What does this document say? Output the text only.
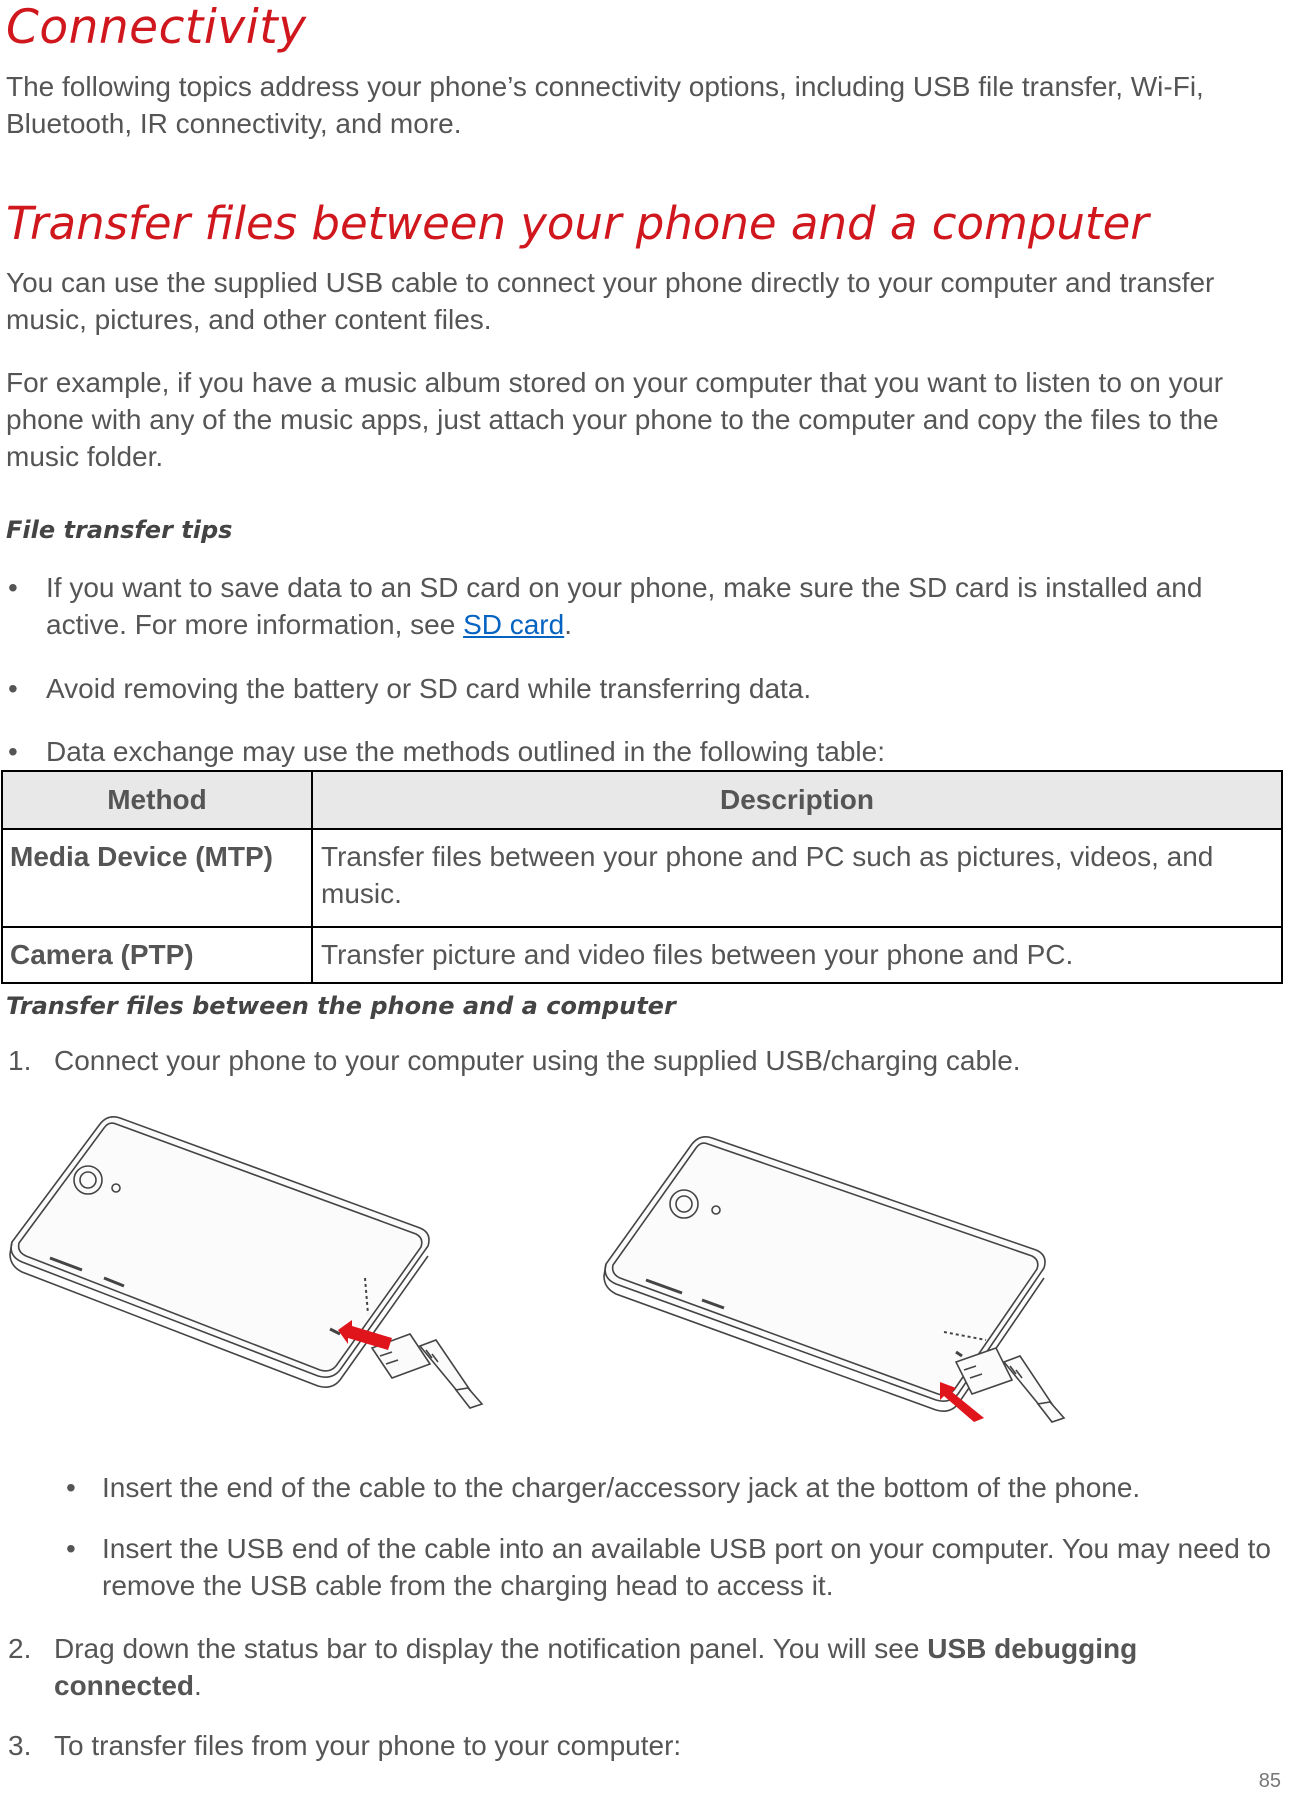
Connectivity

The following topics address your phone’s connectivity options, including USB file transfer, Wi-Fi, Bluetooth, IR connectivity, and more.

Transfer files between your phone and a computer

You can use the supplied USB cable to connect your phone directly to your computer and transfer music, pictures, and other content files.

For example, if you have a music album stored on your computer that you want to listen to on your phone with any of the music apps, just attach your phone to the computer and copy the files to the music folder.

File transfer tips
• If you want to save data to an SD card on your phone, make sure the SD card is installed and active. For more information, see SD card.
• Avoid removing the battery or SD card while transferring data.
• Data exchange may use the methods outlined in the following table:
Method	Description
Media Device (MTP)	Transfer files between your phone and PC such as pictures, videos, and music.
Camera (PTP)	Transfer picture and video files between your phone and PC.
Transfer files between the phone and a computer
1. Connect your phone to your computer using the supplied USB/charging cable.
• Insert the end of the cable to the charger/accessory jack at the bottom of the phone.
• Insert the USB end of the cable into an available USB port on your computer. You may need to remove the USB cable from the charging head to access it.
2. Drag down the status bar to display the notification panel. You will see USB debugging connected.
3. To transfer files from your phone to your computer:
85
